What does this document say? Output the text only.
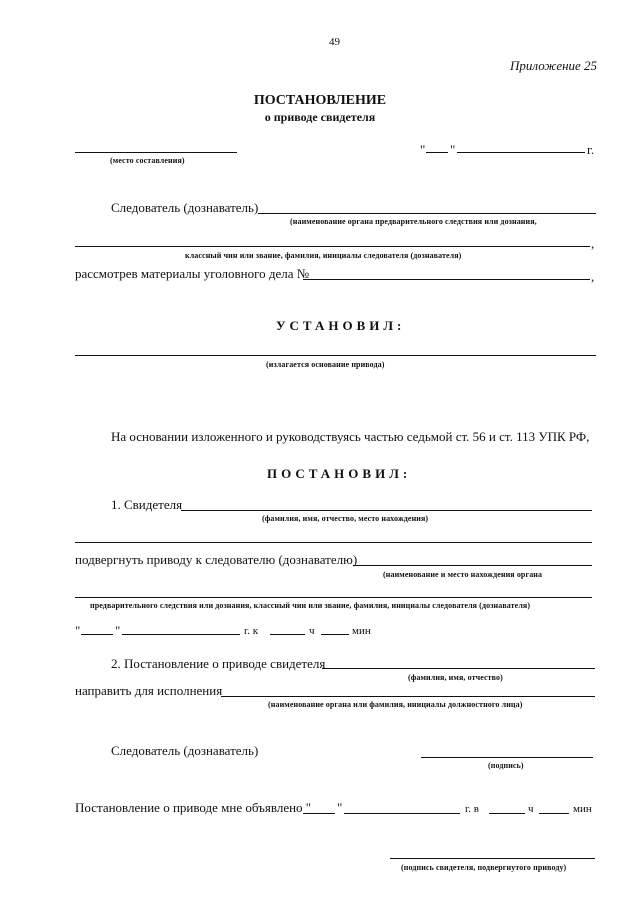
49
Приложение 25
ПОСТАНОВЛЕНИЕ
о приводе свидетеля
(место составления)
" "	г.
Следователь (дознаватель)
(наименование органа предварительного следствия или дознания,
,
классный чин или звание, фамилия, инициалы следователя (дознавателя)
рассмотрев материалы уголовного дела №	,
УСТАНОВИЛ:
(излагается основание привода)
На основании изложенного и руководствуясь частью седьмой ст. 56 и ст. 113 УПК РФ,
ПОСТАНОВИЛ:
1. Свидетеля
(фамилия, имя, отчество, место нахождения)
подвергнуть приводу к следователю (дознавателю)
(наименование и место нахождения органа
предварительного следствия или дознания, классный чин или звание, фамилия, инициалы следователя (дознавателя)
"	"	г. к	ч	мин
2. Постановление о приводе свидетеля
(фамилия, имя, отчество)
направить для исполнения
(наименование органа или фамилия, инициалы должностного лица)
Следователь (дознаватель)
(подпись)
Постановление о приводе мне объявлено " "	г. в	ч	мин
(подпись свидетеля, подвергнутого приводу)
